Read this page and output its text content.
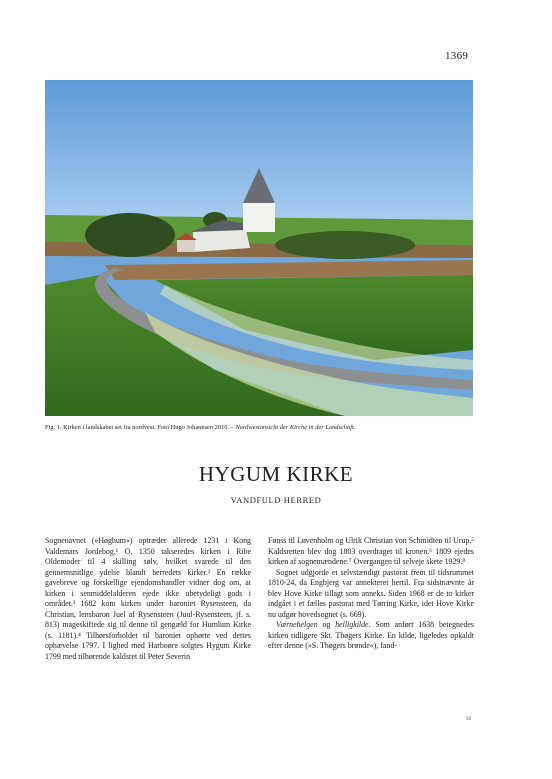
1369
Fig. 1. Kirken i landskabet set fra nordvest. Foto Hugo Johannsen 2010. – Nordwestansicht der Kirche in der Landschaft.
HYGUM KIRKE
VANDFULD HERRED

Sognenavnet (»Høghum«) optræder allerede 1231 i Kong Valdemars Jordebog.¹ O. 1350 takseredes kirken i Ribe Oldemoder til 4 skilling sølv, hvilket svarede til den gennemsnitlige ydelse blandt herredets kirker.² En række gavebreve og forskellige ejendomshandler vidner dog om, at kirken i senmiddelalderen ejede ikke ubetydeligt gods i området.³ 1682 kom kirken under baroniet Rysensteen, da Christian, lensbaron Juel af Rysensteen (Juul-Rysensteen, jf. s. 813) mageskiftede sig til denne til gengæld for Humlum Kirke (s. 1181).⁴ Tilhørsforholdet til baroniet ophørte ved dettes ophævelse 1797. I lighed med Harboøre solgtes Hygum Kirke 1799 med tilhørende kaldsret til Peter Severin

Fønss til Løvenholm og Ulrik Christian von Schmidten til Urup.⁵ Kaldsretten blev dog 1803 overdraget til kronen.⁶ 1809 ejedes kirken af sognemændene.⁷ Overgangen til selveje skete 1929.⁸

Sognet udgjorde et selvstændigt pastorat frem til tidsrummet 1810-24, da Engbjerg var annekteret hertil. Fra sidstnævnte år blev Hove Kirke tillagt som anneks. Siden 1968 er de to kirker indgået i et fælles pastorat med Tørring Kirke, idet Hove Kirke nu udgør hovedsognet (s. 669).

Værnehelgen og helligkilde. Som anført 1638 betegnedes kirken tidligere Skt. Thøgers Kirke. En kilde, ligeledes opkaldt efter denne (»S. Thøgers brønde«), fand-

56
